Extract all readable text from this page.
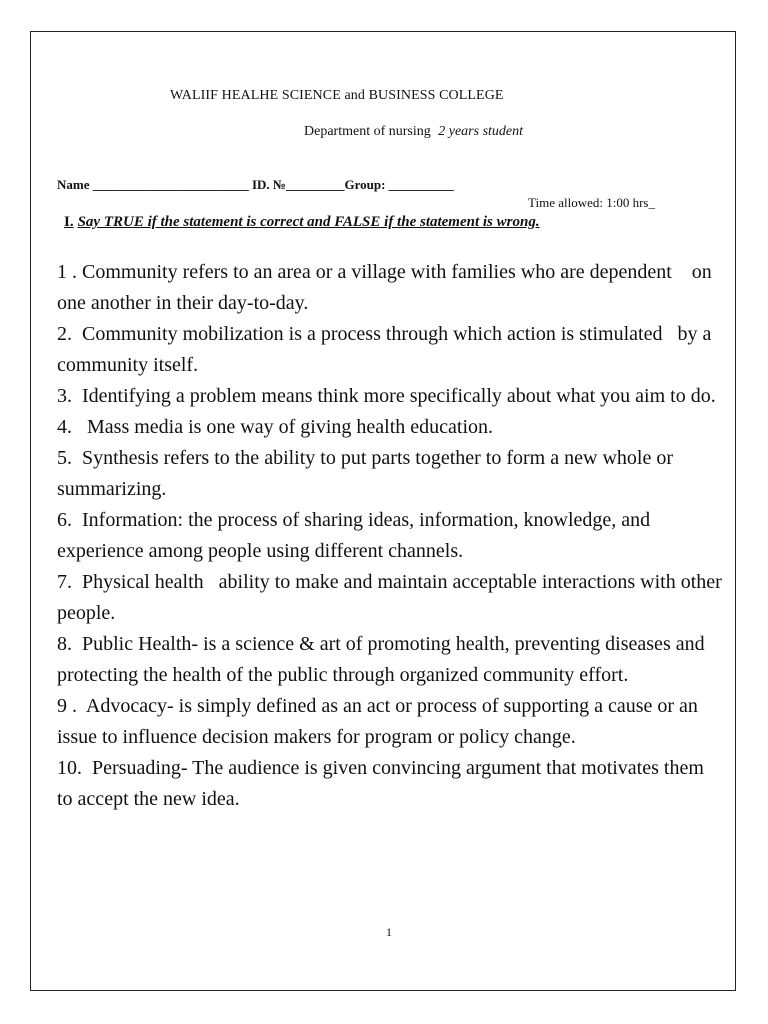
WALIIF HEALHE SCIENCE and BUSINESS COLLEGE
Department of nursing 2 years student
Name ________________________ ID. №_________Group: __________
Time allowed: 1:00 hrs_
I. Say TRUE if the statement is correct and FALSE if the statement is wrong.
1 . Community refers to an area or a village with families who are dependent    on one another in their day-to-day.
2.  Community mobilization is a process through which action is stimulated   by a community itself.
3.  Identifying a problem means think more specifically about what you aim to do.
4.   Mass media is one way of giving health education.
5.  Synthesis refers to the ability to put parts together to form a new whole or summarizing.
6.  Information: the process of sharing ideas, information, knowledge, and experience among people using different channels.
7.  Physical health   ability to make and maintain acceptable interactions with other people.
8.  Public Health- is a science & art of promoting health, preventing diseases and protecting the health of the public through organized community effort.
9 .  Advocacy- is simply defined as an act or process of supporting a cause or an issue to influence decision makers for program or policy change.
10.  Persuading- The audience is given convincing argument that motivates them to accept the new idea.
1
